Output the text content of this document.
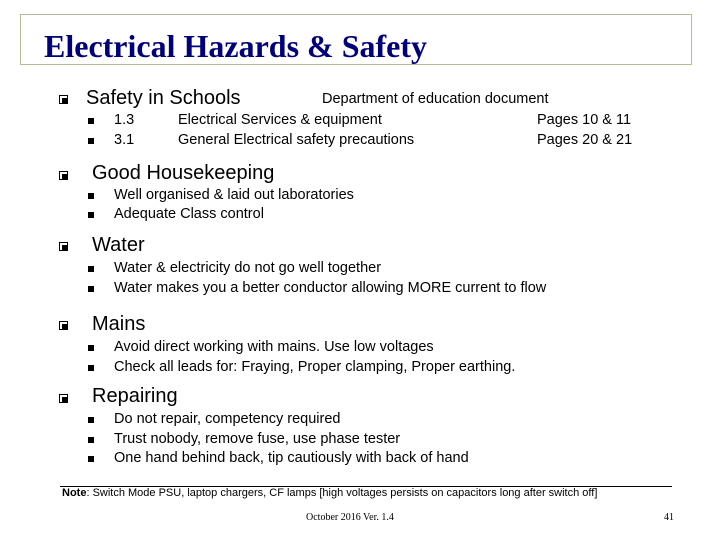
Electrical Hazards & Safety
Safety in Schools	Department of education document
1.3	Electrical Services & equipment	Pages 10 & 11
3.1	General Electrical safety precautions	Pages 20 & 21
Good Housekeeping
Well organised & laid out laboratories
Adequate Class control
Water
Water & electricity do not go well together
Water makes you a better conductor allowing MORE current to flow
Mains
Avoid direct working with mains. Use low voltages
Check all leads for: Fraying, Proper clamping, Proper earthing.
Repairing
Do not repair, competency required
Trust nobody, remove fuse, use phase tester
One hand behind back, tip cautiously with back of hand
Note: Switch Mode PSU, laptop chargers, CF lamps [high voltages persists on capacitors long after switch off]
October 2016 Ver. 1.4	41
